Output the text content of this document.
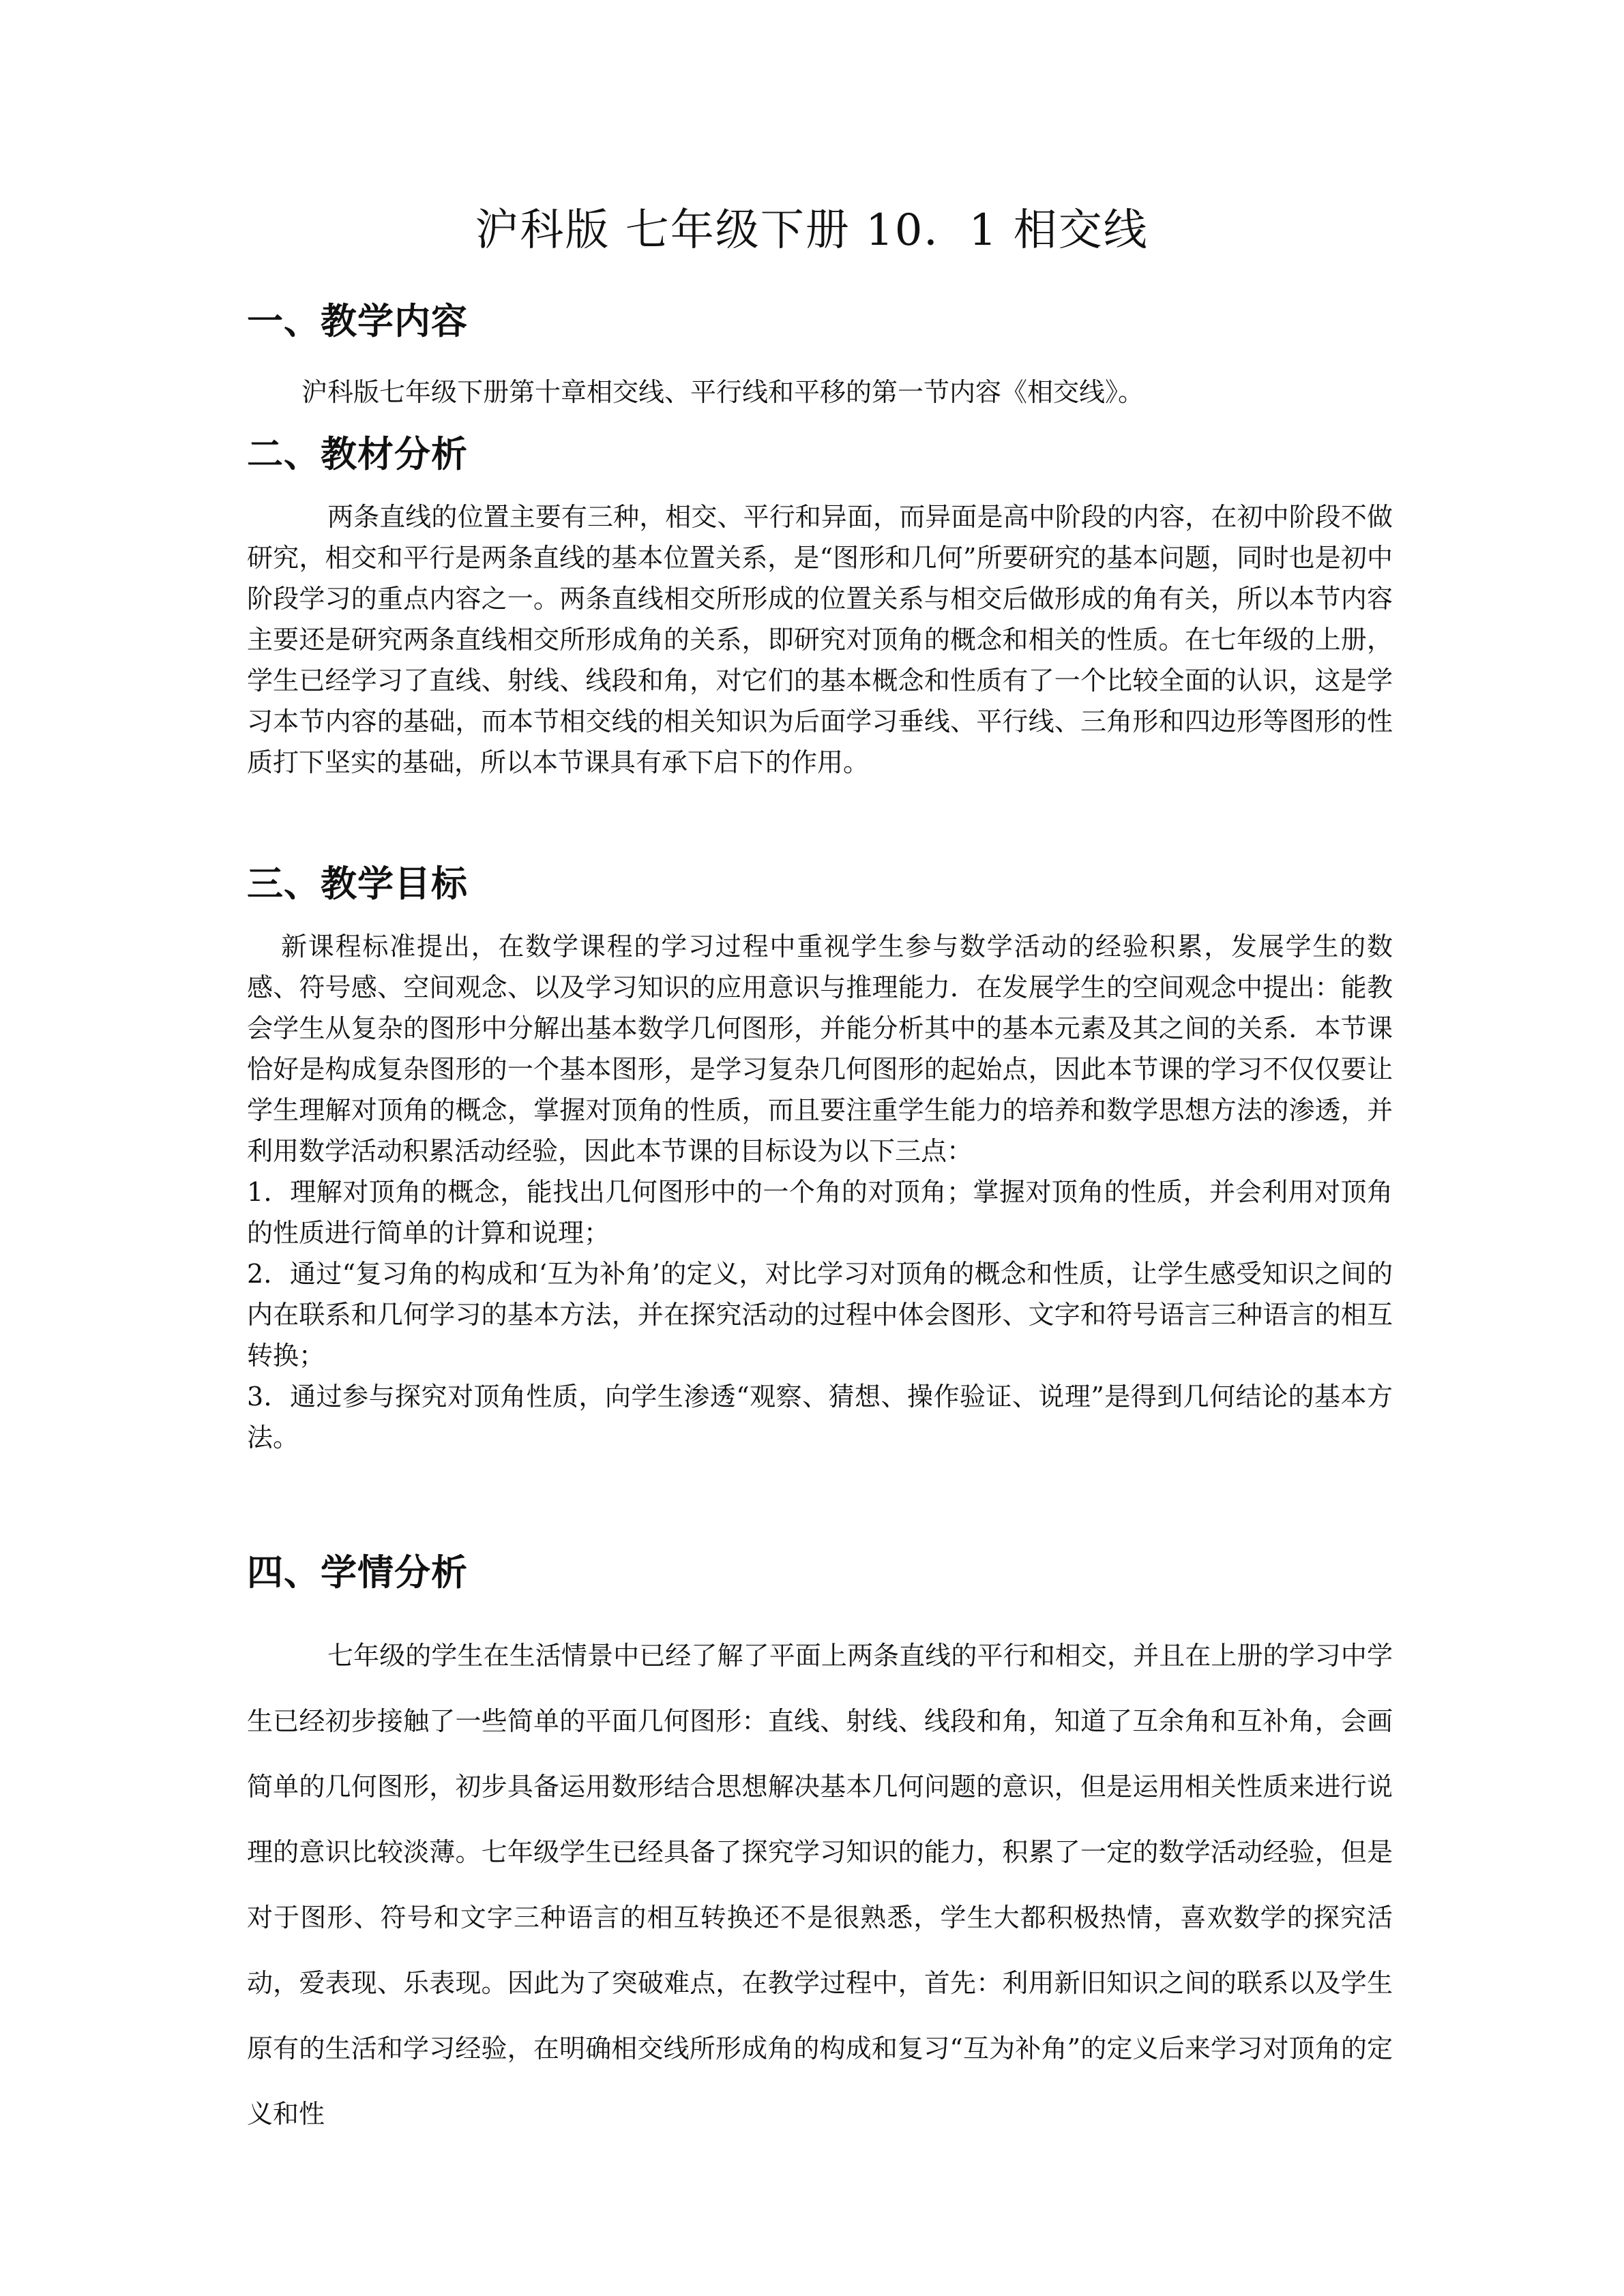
沪科版 七年级下册 10．1 相交线
一、教学内容

沪科版七年级下册第十章相交线、平行线和平移的第一节内容《相交线》。

二、教材分析

两条直线的位置主要有三种，相交、平行和异面，而异面是高中阶段的内容，在初中阶段不做研究，相交和平行是两条直线的基本位置关系，是“图形和几何”所要研究的基本问题，同时也是初中阶段学习的重点内容之一。两条直线相交所形成的位置关系与相交后做形成的角有关，所以本节内容主要还是研究两条直线相交所形成角的关系，即研究对顶角的概念和相关的性质。在七年级的上册，学生已经学习了直线、射线、线段和角，对它们的基本概念和性质有了一个比较全面的认识，这是学习本节内容的基础，而本节相交线的相关知识为后面学习垂线、平行线、三角形和四边形等图形的性质打下坚实的基础，所以本节课具有承下启下的作用。

三、教学目标

新课程标准提出，在数学课程的学习过程中重视学生参与数学活动的经验积累，发展学生的数感、符号感、空间观念、以及学习知识的应用意识与推理能力．在发展学生的空间观念中提出：能教会学生从复杂的图形中分解出基本数学几何图形，并能分析其中的基本元素及其之间的关系．本节课恰好是构成复杂图形的一个基本图形，是学习复杂几何图形的起始点，因此本节课的学习不仅仅要让学生理解对顶角的概念，掌握对顶角的性质，而且要注重学生能力的培养和数学思想方法的渗透，并利用数学活动积累活动经验，因此本节课的目标设为以下三点：

1．理解对顶角的概念，能找出几何图形中的一个角的对顶角；掌握对顶角的性质，并会利用对顶角的性质进行简单的计算和说理；

2．通过“复习角的构成和‘互为补角’的定义，对比学习对顶角的概念和性质，让学生感受知识之间的内在联系和几何学习的基本方法，并在探究活动的过程中体会图形、文字和符号语言三种语言的相互转换；

3．通过参与探究对顶角性质，向学生渗透“观察、猜想、操作验证、说理”是得到几何结论的基本方法。

四、学情分析

七年级的学生在生活情景中已经了解了平面上两条直线的平行和相交，并且在上册的学习中学生已经初步接触了一些简单的平面几何图形：直线、射线、线段和角，知道了互余角和互补角，会画简单的几何图形，初步具备运用数形结合思想解决基本几何问题的意识，但是运用相关性质来进行说理的意识比较淡薄。七年级学生已经具备了探究学习知识的能力，积累了一定的数学活动经验，但是对于图形、符号和文字三种语言的相互转换还不是很熟悉，学生大都积极热情，喜欢数学的探究活动，爱表现、乐表现。因此为了突破难点，在教学过程中，首先：利用新旧知识之间的联系以及学生原有的生活和学习经验，在明确相交线所形成角的构成和复习“互为补角”的定义后来学习对顶角的定义和性
